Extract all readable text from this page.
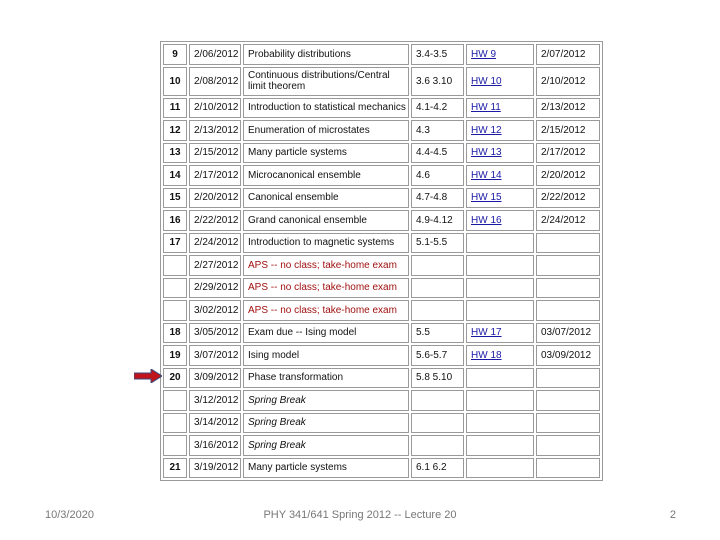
9	2/06/2012	Probability distributions	3.4-3.5	HW 9	2/07/2012
10	2/08/2012	Continuous distributions/Central limit theorem	3.6 3.10	HW 10	2/10/2012
11	2/10/2012	Introduction to statistical mechanics	4.1-4.2	HW 11	2/13/2012
12	2/13/2012	Enumeration of microstates	4.3	HW 12	2/15/2012
13	2/15/2012	Many particle systems	4.4-4.5	HW 13	2/17/2012
14	2/17/2012	Microcanonical ensemble	4.6	HW 14	2/20/2012
15	2/20/2012	Canonical ensemble	4.7-4.8	HW 15	2/22/2012
16	2/22/2012	Grand canonical ensemble	4.9-4.12	HW 16	2/24/2012
17	2/24/2012	Introduction to magnetic systems	5.1-5.5		
	2/27/2012	APS -- no class; take-home exam			
	2/29/2012	APS -- no class; take-home exam			
	3/02/2012	APS -- no class; take-home exam			
18	3/05/2012	Exam due -- Ising model	5.5	HW 17	03/07/2012
19	3/07/2012	Ising model	5.6-5.7	HW 18	03/09/2012
20	3/09/2012	Phase transformation	5.8 5.10		
	3/12/2012	Spring Break			
	3/14/2012	Spring Break			
	3/16/2012	Spring Break			
21	3/19/2012	Many particle systems	6.1 6.2		
10/3/2020	PHY 341/641 Spring 2012 -- Lecture 20	2
